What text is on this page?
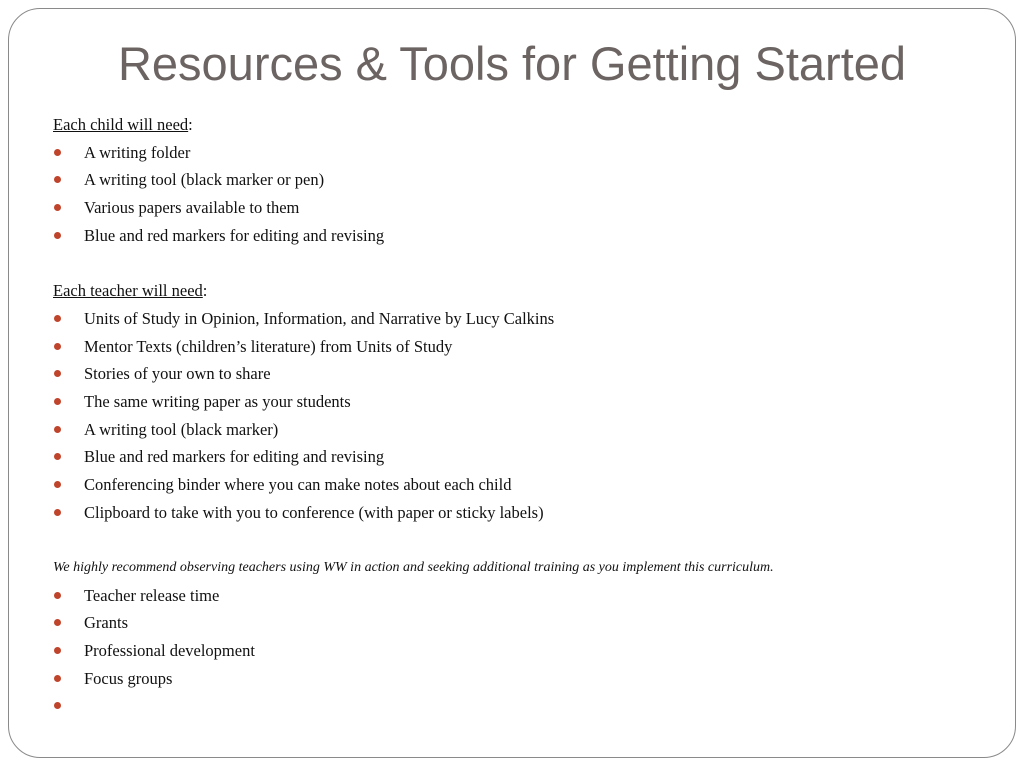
Resources & Tools for Getting Started
Each child will need:
A writing folder
A writing tool (black marker or pen)
Various papers available to them
Blue and red markers for editing and revising
Each teacher will need:
Units of Study in Opinion, Information, and Narrative by Lucy Calkins
Mentor Texts (children’s literature) from Units of Study
Stories of your own to share
The same writing paper as your students
A writing tool (black marker)
Blue and red markers for editing and revising
Conferencing binder where you can make notes about each child
Clipboard to take with you to conference (with paper or sticky labels)
We highly recommend observing teachers using WW in action and seeking additional training as you implement this curriculum.
Teacher release time
Grants
Professional development
Focus groups
